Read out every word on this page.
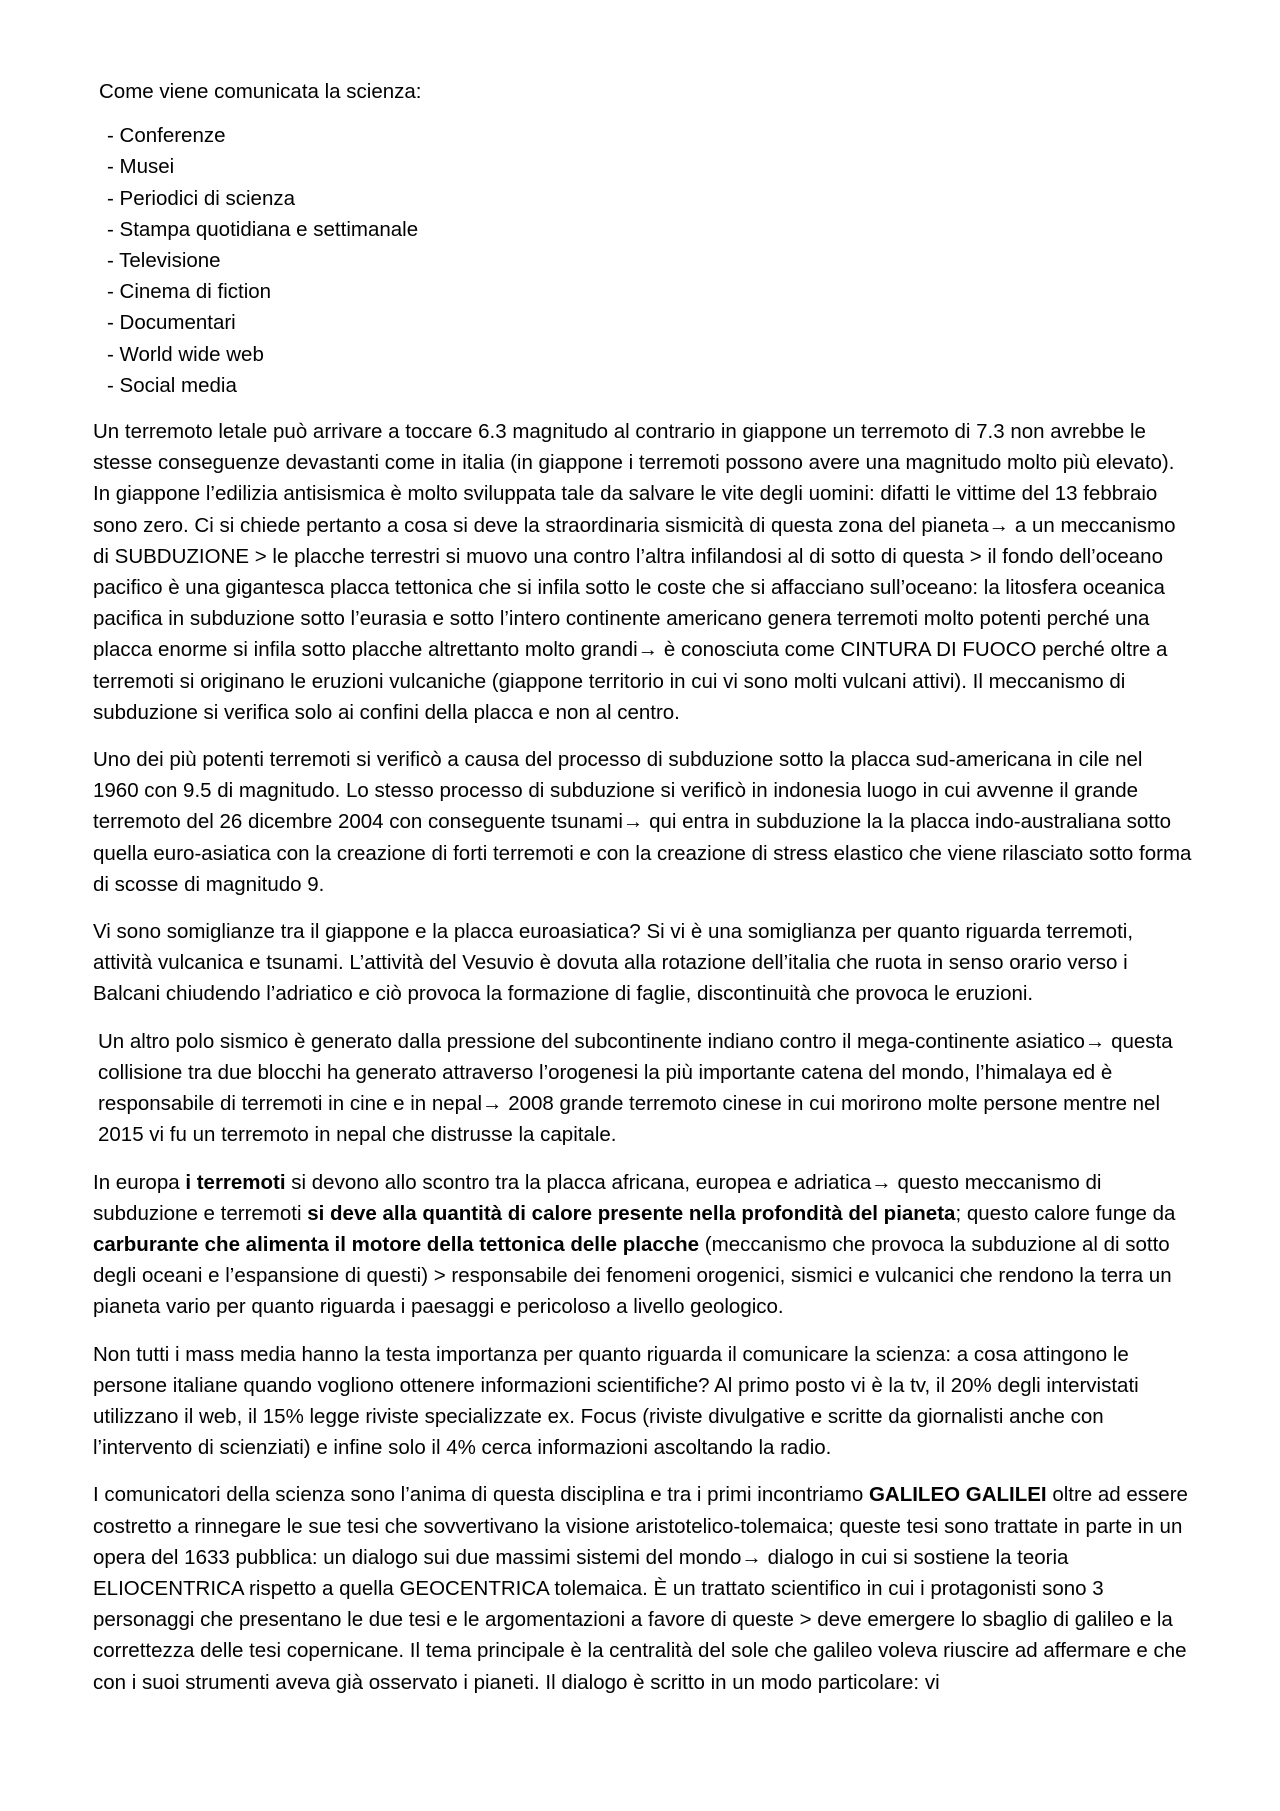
Come viene comunicata la scienza:
- Conferenze
- Musei
- Periodici di scienza
- Stampa quotidiana e settimanale
- Televisione
- Cinema di fiction
- Documentari
- World wide web
- Social media

Un terremoto letale può arrivare a toccare 6.3 magnitudo al contrario in giappone un terremoto di 7.3 non avrebbe le stesse conseguenze devastanti come in italia (in giappone i terremoti possono avere una magnitudo molto più elevato). In giappone l’edilizia antisismica è molto sviluppata tale da salvare le vite degli uomini: difatti le vittime del 13 febbraio sono zero. Ci si chiede pertanto a cosa si deve la straordinaria sismicità di questa zona del pianeta→ a un meccanismo di SUBDUZIONE > le placche terrestri si muovo una contro l’altra infilandosi al di sotto di questa > il fondo dell’oceano pacifico è una gigantesca placca tettonica che si infila sotto le coste che si affacciano sull’oceano: la litosfera oceanica pacifica in subduzione sotto l’eurasia e sotto l’intero continente americano genera terremoti molto potenti perché una placca enorme si infila sotto placche altrettanto molto grandi→ è conosciuta come CINTURA DI FUOCO perché oltre a terremoti si originano le eruzioni vulcaniche (giappone territorio in cui vi sono molti vulcani attivi). Il meccanismo di subduzione si verifica solo ai confini della placca e non al centro.

Uno dei più potenti terremoti si verificò a causa del processo di subduzione sotto la placca sud-americana in cile nel 1960 con 9.5 di magnitudo. Lo stesso processo di subduzione si verificò in indonesia luogo in cui avvenne il grande terremoto del 26 dicembre 2004 con conseguente tsunami→ qui entra in subduzione la la placca indo-australiana sotto quella euro-asiatica con la creazione di forti terremoti e con la creazione di stress elastico che viene rilasciato sotto forma di scosse di magnitudo 9.

Vi sono somiglianze tra il giappone e la placca euroasiatica? Si vi è una somiglianza per quanto riguarda terremoti, attività vulcanica e tsunami. L’attività del Vesuvio è dovuta alla rotazione dell’italia che ruota in senso orario verso i Balcani chiudendo l’adriatico e ciò provoca la formazione di faglie, discontinuità che provoca le eruzioni.

Un altro polo sismico è generato dalla pressione del subcontinente indiano contro il mega-continente asiatico→ questa collisione tra due blocchi ha generato attraverso l’orogenesi la più importante catena del mondo, l’himalaya ed è responsabile di terremoti in cine e in nepal→ 2008 grande terremoto cinese in cui morirono molte persone mentre nel 2015 vi fu un terremoto in nepal che distrusse la capitale.

In europa i terremoti si devono allo scontro tra la placca africana, europea e adriatica→ questo meccanismo di subduzione e terremoti si deve alla quantità di calore presente nella profondità del pianeta; questo calore funge da carburante che alimenta il motore della tettonica delle placche (meccanismo che provoca la subduzione al di sotto degli oceani e l’espansione di questi) > responsabile dei fenomeni orogenici, sismici e vulcanici che rendono la terra un pianeta vario per quanto riguarda i paesaggi e pericoloso a livello geologico.

Non tutti i mass media hanno la testa importanza per quanto riguarda il comunicare la scienza: a cosa attingono le persone italiane quando vogliono ottenere informazioni scientifiche? Al primo posto vi è la tv, il 20% degli intervistati utilizzano il web, il 15% legge riviste specializzate ex. Focus (riviste divulgative e scritte da giornalisti anche con l’intervento di scienziati) e infine solo il 4% cerca informazioni ascoltando la radio.

I comunicatori della scienza sono l’anima di questa disciplina e tra i primi incontriamo GALILEO GALILEI oltre ad essere costretto a rinnegare le sue tesi che sovvertivano la visione aristotelico-tolemaica; queste tesi sono trattate in parte in un opera del 1633 pubblica: un dialogo sui due massimi sistemi del mondo→ dialogo in cui si sostiene la teoria ELIOCENTRICA rispetto a quella GEOCENTRICA tolemaica. È un trattato scientifico in cui i protagonisti sono 3 personaggi che presentano le due tesi e le argomentazioni a favore di queste > deve emergere lo sbaglio di galileo e la correttezza delle tesi copernicane. Il tema principale è la centralità del sole che galileo voleva riuscire ad affermare e che con i suoi strumenti aveva già osservato i pianeti. Il dialogo è scritto in un modo particolare: vi
